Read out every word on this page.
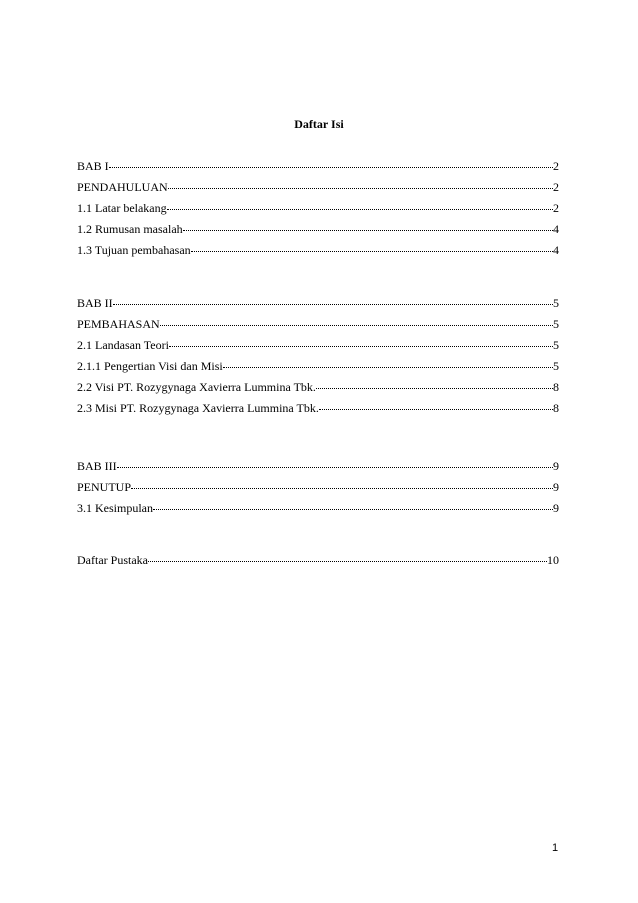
Daftar Isi
BAB I	2
PENDAHULUAN	2
1.1 Latar belakang	2
1.2 Rumusan masalah	4
1.3 Tujuan pembahasan	4
BAB II	5
PEMBAHASAN	5
2.1 Landasan Teori	5
2.1.1 Pengertian Visi dan Misi	5
2.2 Visi PT. Rozygynaga Xavierra Lummina Tbk.	8
2.3 Misi PT. Rozygynaga Xavierra Lummina Tbk.	8
BAB III	9
PENUTUP	9
3.1 Kesimpulan	9
Daftar Pustaka	10
1
